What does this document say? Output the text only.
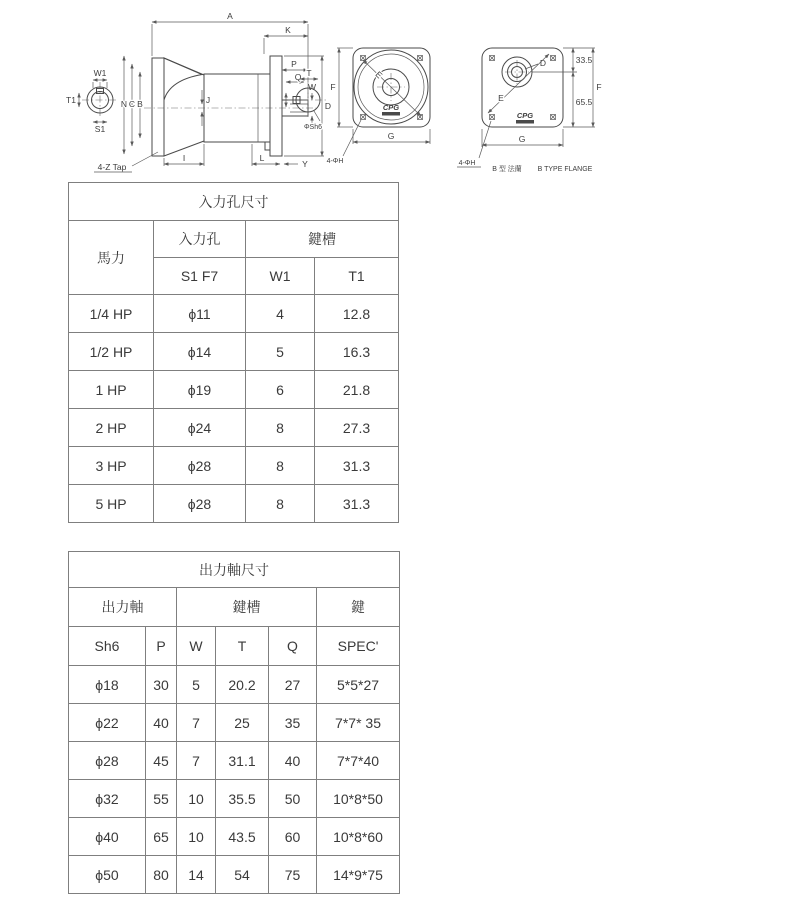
W1
T1
S1
A
K
N C B	J
P
Q
W
D
I	L
Y
4-Z Tap
T
ΦSh6
E
F
G
4-ΦH
CPG
D
E
33.5
65.5
F
G
4-ΦH
B 型 法蘭 B TYPE FLANGE
CPG
入力孔尺寸			
馬力	入力孔	鍵槽	
	S1 F7	W1	T1
1/4 HP	ϕ11	4	12.8
1/2 HP	ϕ14	5	16.3
1 HP	ϕ19	6	21.8
2 HP	ϕ24	8	27.3
3 HP	ϕ28	8	31.3
5 HP	ϕ28	8	31.3
出力軸尺寸					
出力軸		鍵槽			鍵
Sh6	P	W	T	Q	SPEC'
ϕ18	30	5	20.2	27	5*5*27
ϕ22	40	7	25	35	7*7* 35
ϕ28	45	7	31.1	40	7*7*40
ϕ32	55	10	35.5	50	10*8*50
ϕ40	65	10	43.5	60	10*8*60
ϕ50	80	14	54	75	14*9*75
